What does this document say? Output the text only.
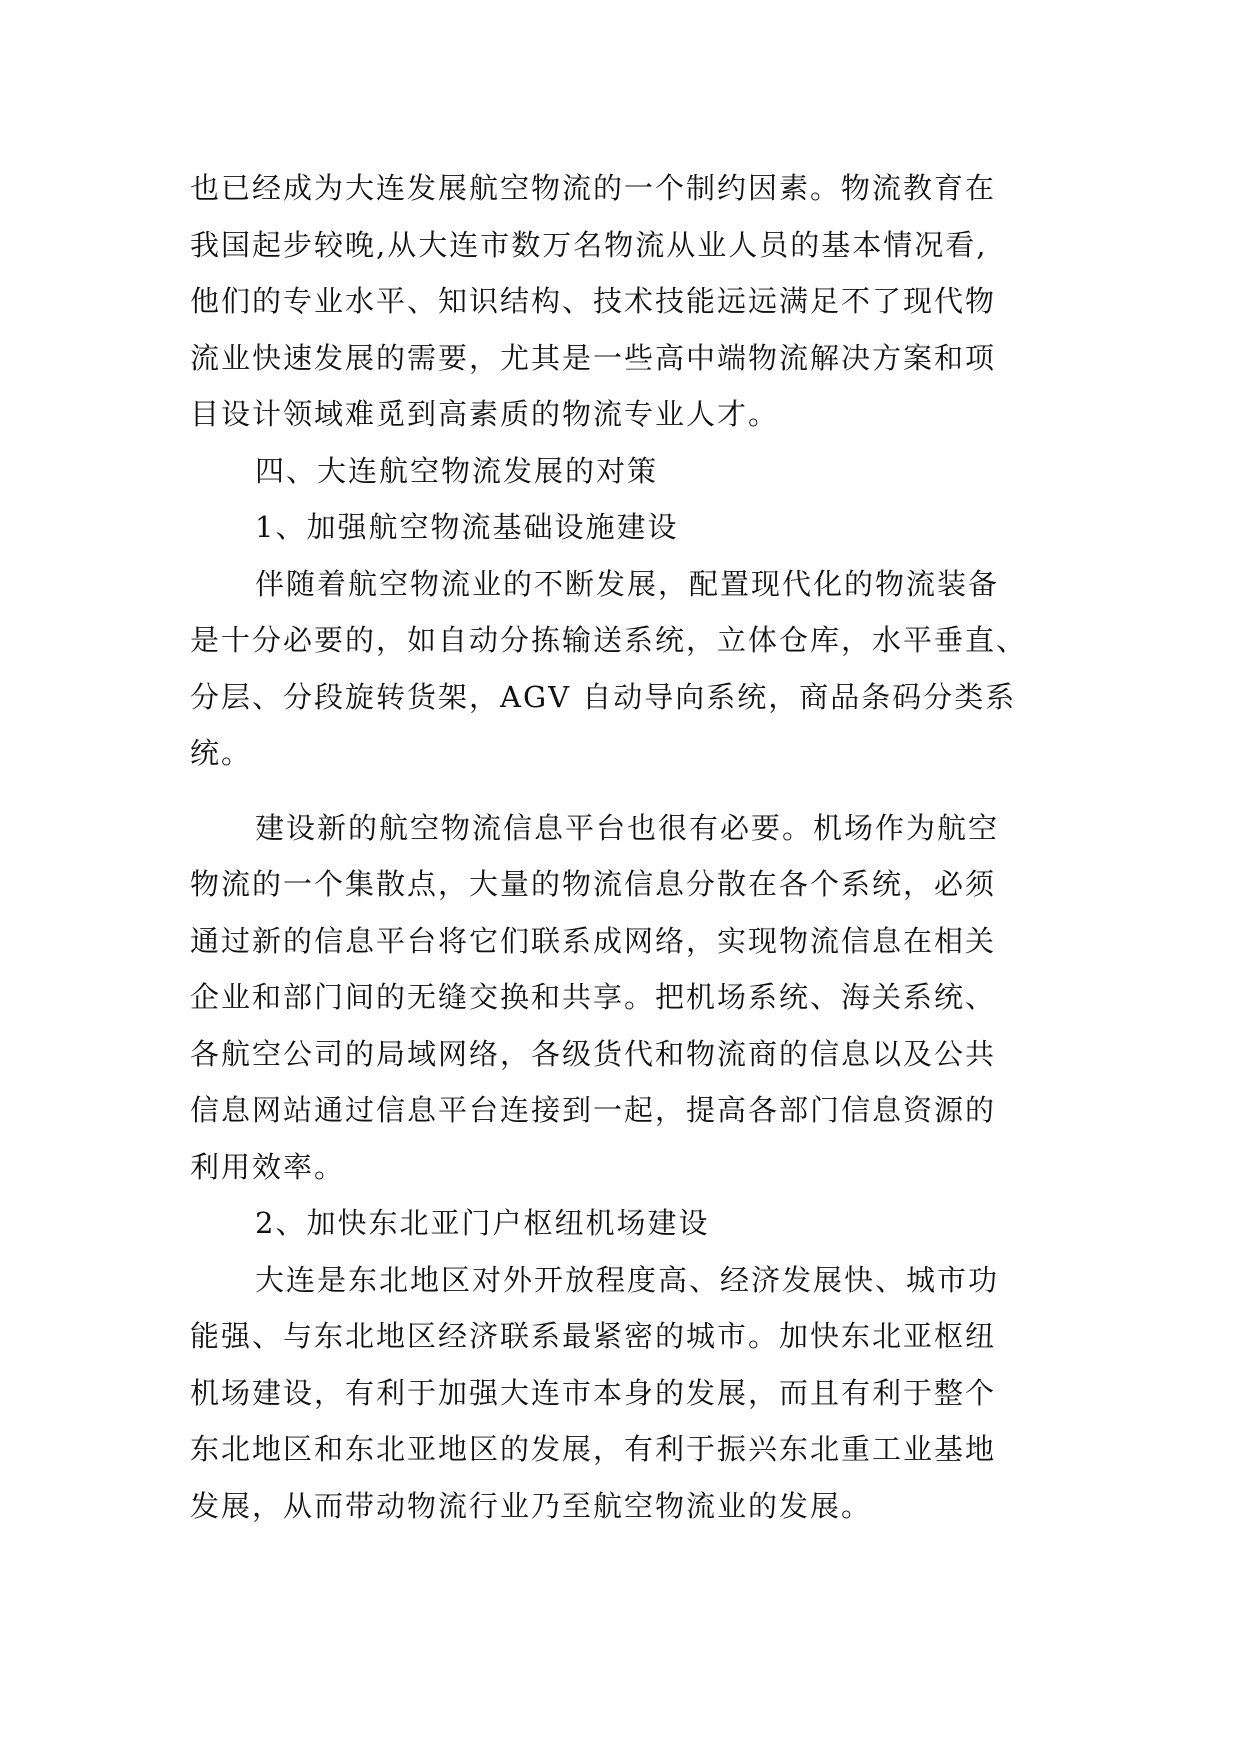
也已经成为大连发展航空物流的一个制约因素。物流教育在
我国起步较晚,从大连市数万名物流从业人员的基本情况看,
他们的专业水平、知识结构、技术技能远远满足不了现代物
流业快速发展的需要，尤其是一些高中端物流解决方案和项
目设计领域难觅到高素质的物流专业人才。
四、大连航空物流发展的对策
1、加强航空物流基础设施建设
伴随着航空物流业的不断发展，配置现代化的物流装备
是十分必要的，如自动分拣输送系统，立体仓库，水平垂直、
分层、分段旋转货架，AGV 自动导向系统，商品条码分类系
统。
建设新的航空物流信息平台也很有必要。机场作为航空
物流的一个集散点，大量的物流信息分散在各个系统，必须
通过新的信息平台将它们联系成网络，实现物流信息在相关
企业和部门间的无缝交换和共享。把机场系统、海关系统、
各航空公司的局域网络，各级货代和物流商的信息以及公共
信息网站通过信息平台连接到一起，提高各部门信息资源的
利用效率。
2、加快东北亚门户枢纽机场建设
大连是东北地区对外开放程度高、经济发展快、城市功
能强、与东北地区经济联系最紧密的城市。加快东北亚枢纽
机场建设，有利于加强大连市本身的发展，而且有利于整个
东北地区和东北亚地区的发展，有利于振兴东北重工业基地
发展，从而带动物流行业乃至航空物流业的发展。
